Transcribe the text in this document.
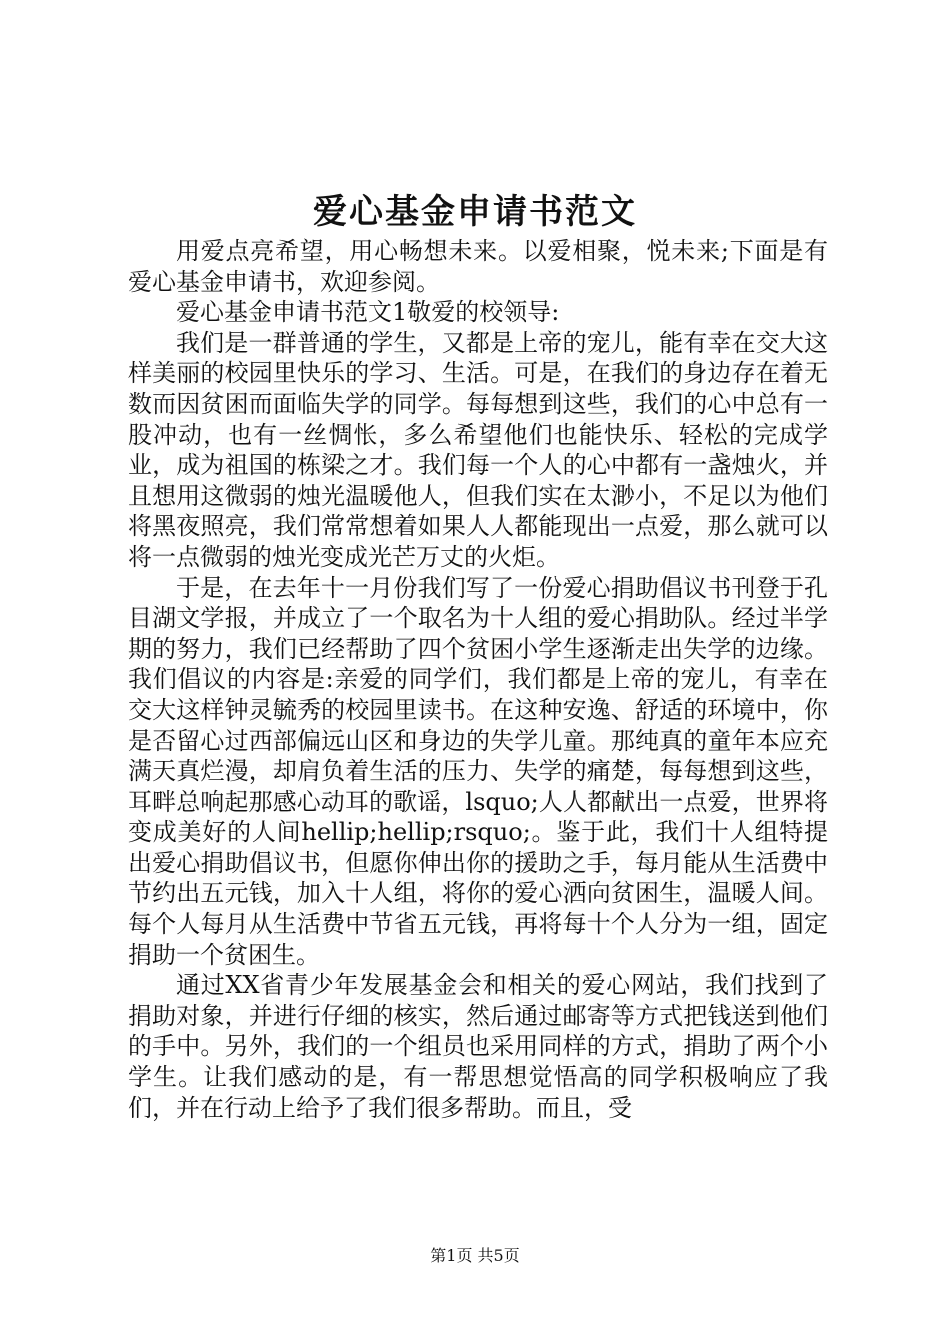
爱心基金申请书范文

用爱点亮希望，用心畅想未来。以爱相聚，悦未来;下面是有爱心基金申请书，欢迎参阅。

爱心基金申请书范文1敬爱的校领导:

我们是一群普通的学生，又都是上帝的宠儿，能有幸在交大这样美丽的校园里快乐的学习、生活。可是，在我们的身边存在着无数而因贫困而面临失学的同学。每每想到这些，我们的心中总有一股冲动，也有一丝惆怅，多么希望他们也能快乐、轻松的完成学业，成为祖国的栋梁之才。我们每一个人的心中都有一盏烛火，并且想用这微弱的烛光温暖他人，但我们实在太渺小，不足以为他们将黑夜照亮，我们常常想着如果人人都能现出一点爱，那么就可以将一点微弱的烛光变成光芒万丈的火炬。

于是，在去年十一月份我们写了一份爱心捐助倡议书刊登于孔目湖文学报，并成立了一个取名为十人组的爱心捐助队。经过半学期的努力，我们已经帮助了四个贫困小学生逐渐走出失学的边缘。我们倡议的内容是:亲爱的同学们，我们都是上帝的宠儿，有幸在交大这样钟灵毓秀的校园里读书。在这种安逸、舒适的环境中，你是否留心过西部偏远山区和身边的失学儿童。那纯真的童年本应充满天真烂漫，却肩负着生活的压力、失学的痛楚，每每想到这些，耳畔总响起那感心动耳的歌谣，lsquo;人人都献出一点爱，世界将变成美好的人间hellip;hellip;rsquo;。鉴于此，我们十人组特提出爱心捐助倡议书，但愿你伸出你的援助之手，每月能从生活费中节约出五元钱，加入十人组，将你的爱心洒向贫困生，温暖人间。每个人每月从生活费中节省五元钱，再将每十个人分为一组，固定捐助一个贫困生。

通过XX省青少年发展基金会和相关的爱心网站，我们找到了捐助对象，并进行仔细的核实，然后通过邮寄等方式把钱送到他们的手中。另外，我们的一个组员也采用同样的方式，捐助了两个小学生。让我们感动的是，有一帮思想觉悟高的同学积极响应了我们，并在行动上给予了我们很多帮助。而且，受

第1页 共5页
